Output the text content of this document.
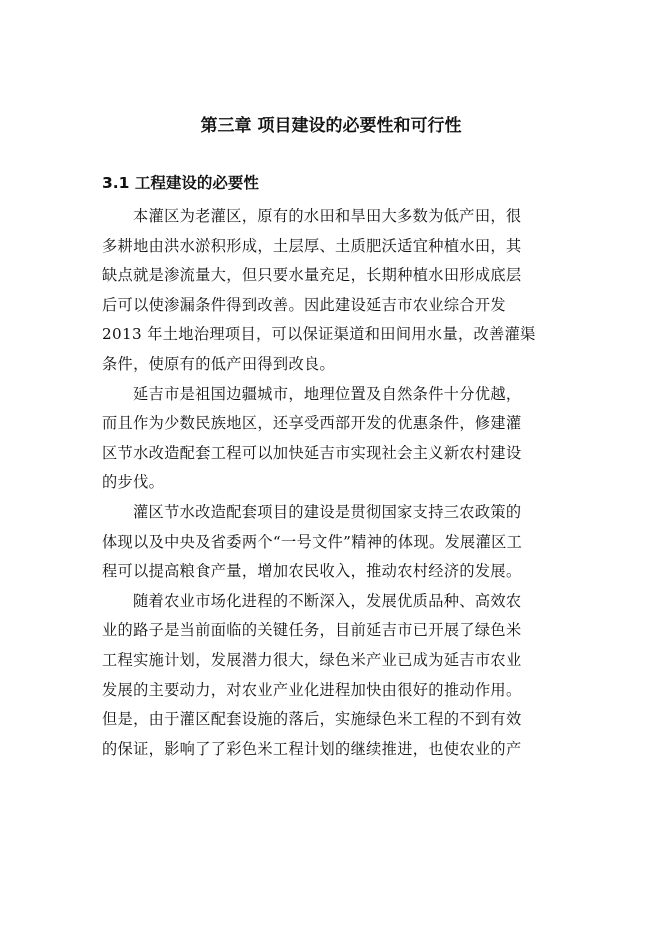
第三章 项目建设的必要性和可行性
3.1 工程建设的必要性

本灌区为老灌区，原有的水田和旱田大多数为低产田，很
多耕地由洪水淤积形成，土层厚、土质肥沃适宜种植水田，其
缺点就是渗流量大，但只要水量充足，长期种植水田形成底层
后可以使渗漏条件得到改善。因此建设延吉市农业综合开发
2013 年土地治理项目，可以保证渠道和田间用水量，改善灌渠
条件，使原有的低产田得到改良。

延吉市是祖国边疆城市，地理位置及自然条件十分优越，
而且作为少数民族地区，还享受西部开发的优惠条件，修建灌
区节水改造配套工程可以加快延吉市实现社会主义新农村建设
的步伐。

灌区节水改造配套项目的建设是贯彻国家支持三农政策的
体现以及中央及省委两个“一号文件”精神的体现。发展灌区工
程可以提高粮食产量，增加农民收入，推动农村经济的发展。

随着农业市场化进程的不断深入，发展优质品种、高效农
业的路子是当前面临的关键任务，目前延吉市已开展了绿色米
工程实施计划，发展潜力很大，绿色米产业已成为延吉市农业
发展的主要动力，对农业产业化进程加快由很好的推动作用。
但是，由于灌区配套设施的落后，实施绿色米工程的不到有效
的保证，影响了了彩色米工程计划的继续推进，也使农业的产
